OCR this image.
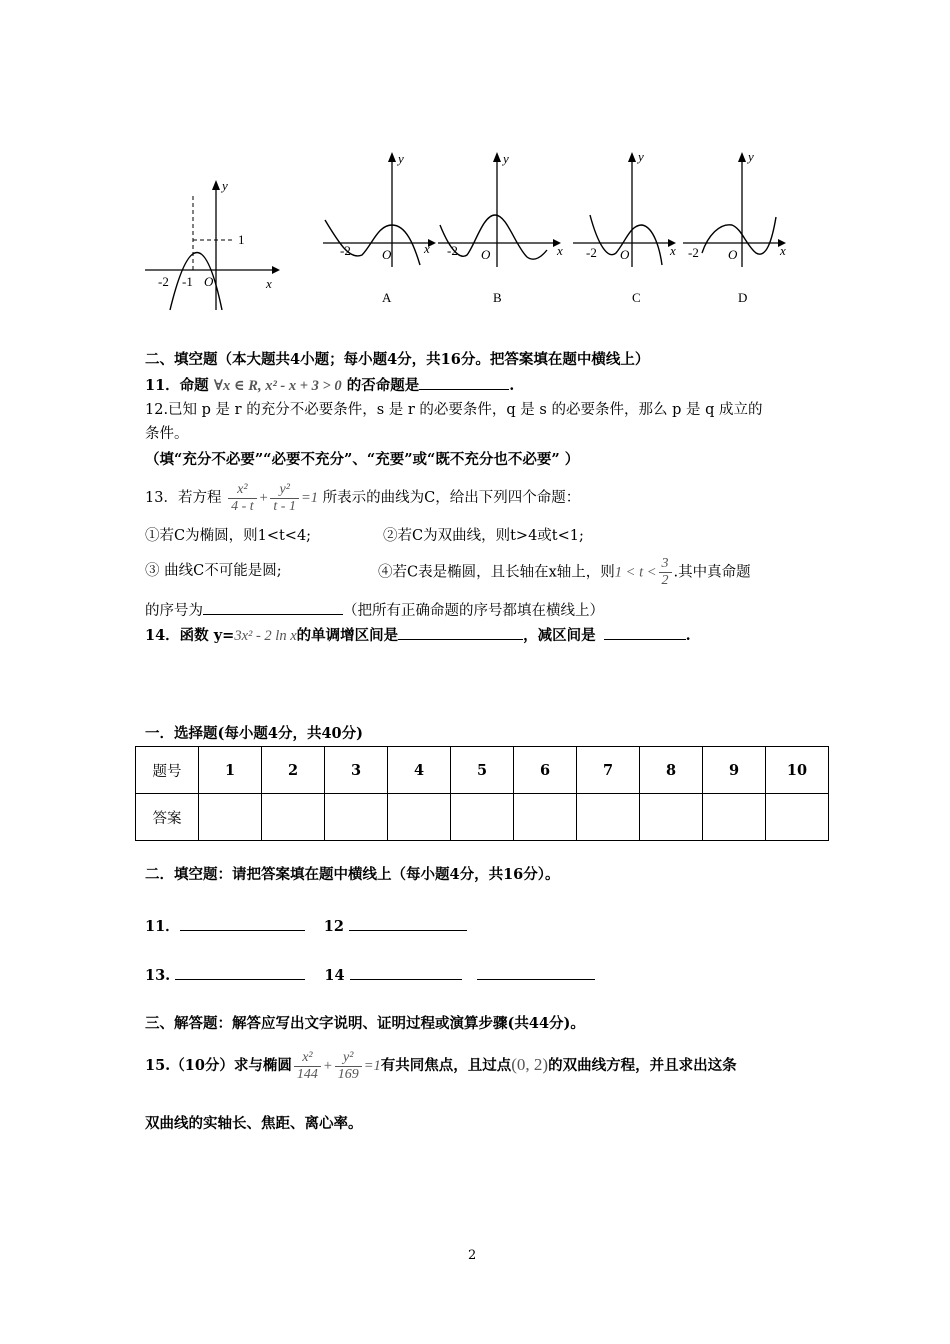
y
x
1
-2 -1 O
y
x
-2 O
A
y
x
-2 O
B
y
x
-2 O
C
y
x
-2 O
D
二、填空题（本大题共4小题；每小题4分，共16分。把答案填在题中横线上）
11．命题 ∀x ∈ R, x² - x + 3 > 0 的否命题是	.
12.已知 p 是 r 的充分不必要条件，s 是 r 的必要条件，q 是 s 的必要条件，那么 p 是 q 成立的
条件。
（填“充分不必要”“必要不充分”、“充要”或“既不充分也不必要” ）
13．若方程 $\frac{\text{x²}}{4 - t} + \frac{\text{y²}}{t - 1} =1$ 所表示的曲线为C，给出下列四个命题：
①若C为椭圆，则1<t<4;	②若C为双曲线，则t>4或t<1;
③ 曲线C不可能是圆;	④若C表是椭圆，且长轴在x轴上，则$1 < t < \frac{3}{2}$ .其中真命题
的序号为	（把所有正确命题的序号都填在横线上）
14．函数 y=3x² - 2 ln x的单调增区间是	，减区间是	.
一．选择题(每小题4分，共40分)
题号	1	2	3	4	5	6	7	8	9	10
答案										
二．填空题：请把答案填在题中横线上（每小题4分，共16分）。
11．	12
13.	14
三、解答题：解答应写出文字说明、证明过程或演算步骤(共44分)。
15.（10分）求与椭圆 $\frac{\text{x²}}{144} + \frac{\text{y²}}{169} =1$有共同焦点，且过点(0, 2)的双曲线方程，并且求出这条
双曲线的实轴长、焦距、离心率。
2
